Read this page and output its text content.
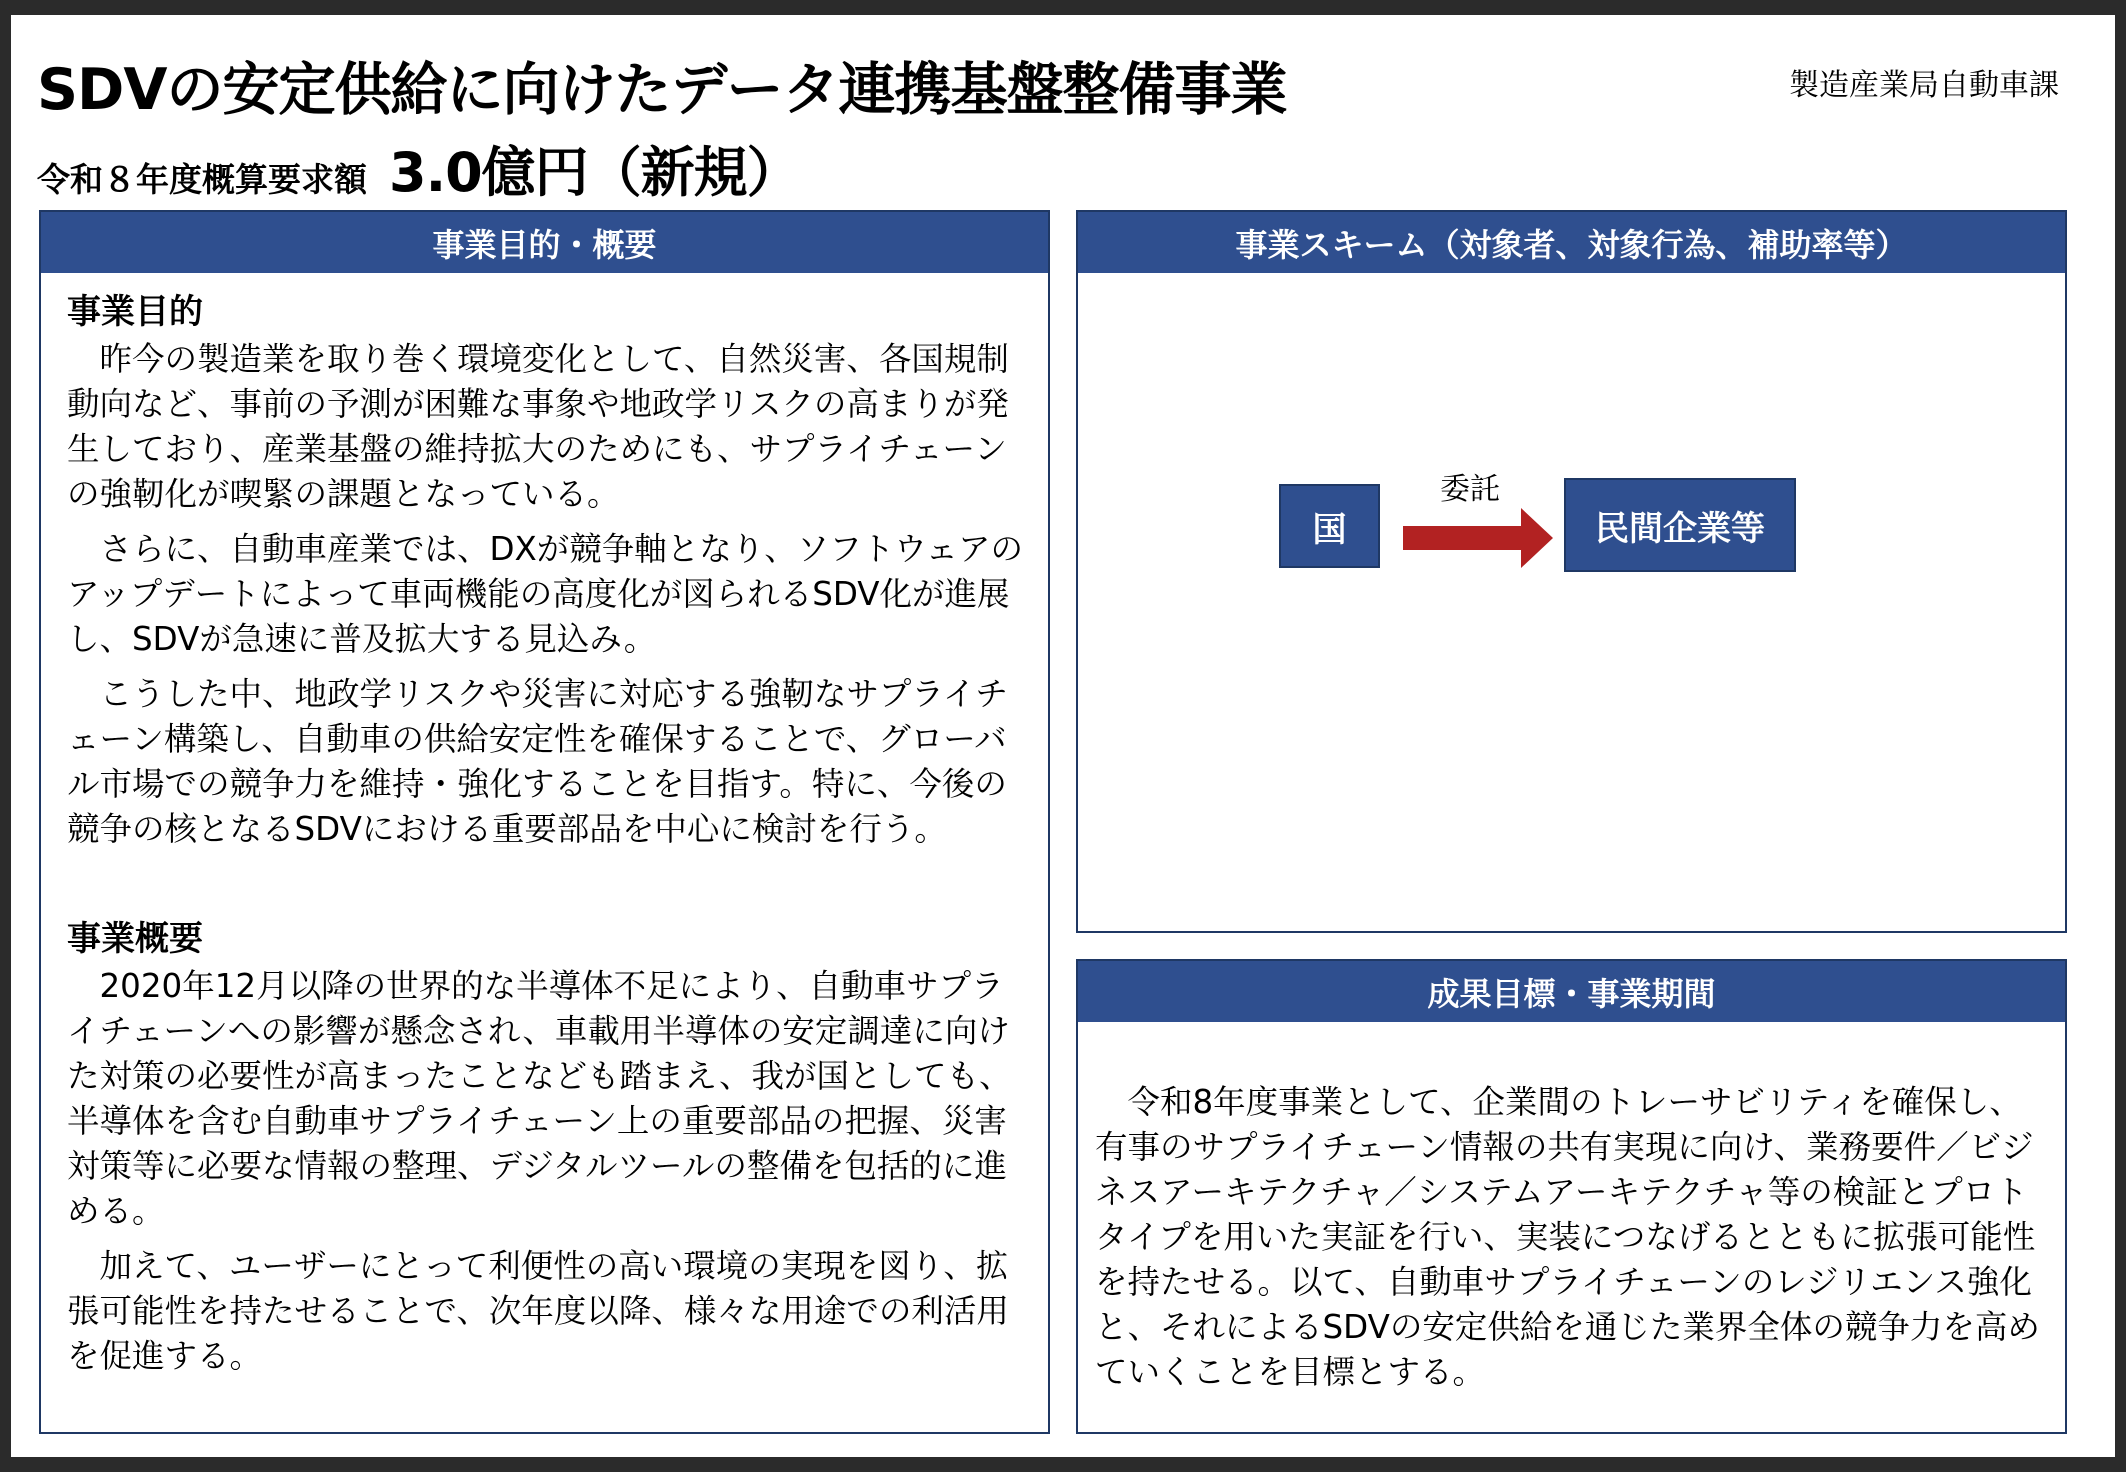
SDVの安定供給に向けたデータ連携基盤整備事業	製造産業局自動車課
令和８年度概算要求額 3.0億円（新規）
事業目的・概要
事業目的

昨今の製造業を取り巻く環境変化として、自然災害、各国規制動向など、事前の予測が困難な事象や地政学リスクの高まりが発生しており、産業基盤の維持拡大のためにも、サプライチェーンの強靭化が喫緊の課題となっている。

さらに、自動車産業では、DXが競争軸となり、ソフトウェアのアップデートによって車両機能の高度化が図られるSDV化が進展し、SDVが急速に普及拡大する見込み。

こうした中、地政学リスクや災害に対応する強靭なサプライチェーン構築し、自動車の供給安定性を確保することで、グローバル市場での競争力を維持・強化することを目指す。特に、今後の競争の核となるSDVにおける重要部品を中心に検討を行う。

事業概要

2020年12月以降の世界的な半導体不足により、自動車サプライチェーンへの影響が懸念され、車載用半導体の安定調達に向けた対策の必要性が高まったことなども踏まえ、我が国としても、半導体を含む自動車サプライチェーン上の重要部品の把握、災害対策等に必要な情報の整理、デジタルツールの整備を包括的に進める。

加えて、ユーザーにとって利便性の高い環境の実現を図り、拡張可能性を持たせることで、次年度以降、様々な用途での利活用を促進する。

事業スキーム（対象者、対象行為、補助率等）
国
委託
民間企業等
成果目標・事業期間

令和8年度事業として、企業間のトレーサビリティを確保し、有事のサプライチェーン情報の共有実現に向け、業務要件／ビジネスアーキテクチャ／システムアーキテクチャ等の検証とプロトタイプを用いた実証を行い、実装につなげるとともに拡張可能性を持たせる。以て、自動車サプライチェーンのレジリエンス強化と、それによるSDVの安定供給を通じた業界全体の競争力を高めていくことを目標とする。
